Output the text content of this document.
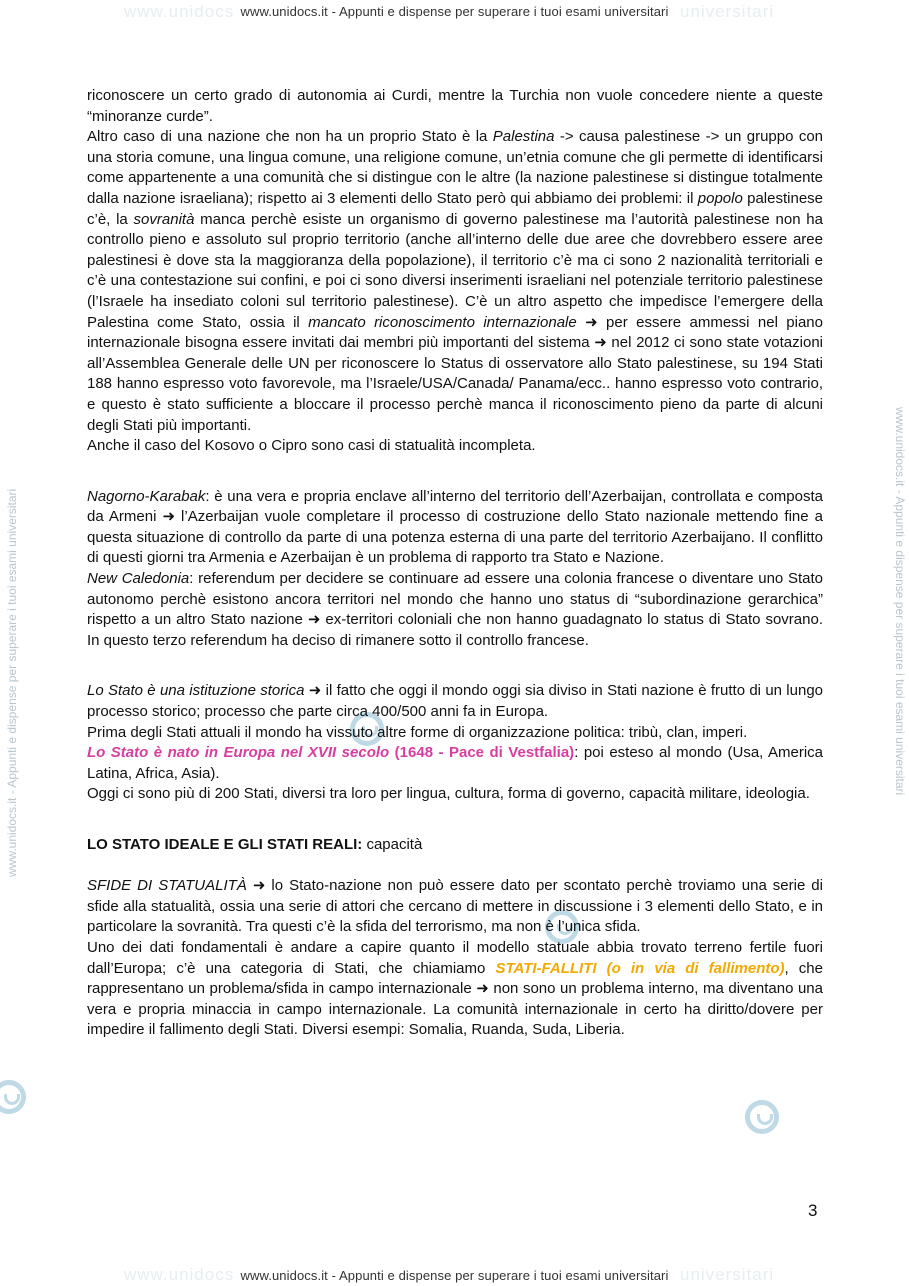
www.unidocs	universitari
www.unidocs	universitari
www.unidocs.it - Appunti e dispense per superare i tuoi esami universitari
www.unidocs.it - Appunti e dispense per superare i tuoi esami universitari
www.unidocs.it - Appunti e dispense per superare i tuoi esami universitari	www.unidocs.it - Appunti e dispense per superare i tuoi esami universitari

riconoscere un certo grado di autonomia ai Curdi, mentre la Turchia non vuole concedere niente a queste “minoranze curde”.

Altro caso di una nazione che non ha un proprio Stato è la Palestina -> causa palestinese -> un gruppo con una storia comune, una lingua comune, una religione comune, un’etnia comune che gli permette di identificarsi come appartenente a una comunità che si distingue con le altre (la nazione palestinese si distingue totalmente dalla nazione israeliana); rispetto ai 3 elementi dello Stato però qui abbiamo dei problemi: il popolo palestinese c’è, la sovranità manca perchè esiste un organismo di governo palestinese ma l’autorità palestinese non ha controllo pieno e assoluto sul proprio territorio (anche all’interno delle due aree che dovrebbero essere aree palestinesi è dove sta la maggioranza della popolazione), il territorio c’è ma ci sono 2 nazionalità territoriali e c’è una contestazione sui confini, e poi ci sono diversi inserimenti israeliani nel potenziale territorio palestinese (l’Israele ha insediato coloni sul territorio palestinese). C’è un altro aspetto che impedisce l’emergere della Palestina come Stato, ossia il mancato riconoscimento internazionale ➜ per essere ammessi nel piano internazionale bisogna essere invitati dai membri più importanti del sistema ➜ nel 2012 ci sono state votazioni all’Assemblea Generale delle UN per riconoscere lo Status di osservatore allo Stato palestinese, su 194 Stati 188 hanno espresso voto favorevole, ma l’Israele/USA/Canada/ Panama/ecc.. hanno espresso voto contrario, e questo è stato sufficiente a bloccare il processo perchè manca il riconoscimento pieno da parte di alcuni degli Stati più importanti.

Anche il caso del Kosovo o Cipro sono casi di statualità incompleta.

Nagorno-Karabak: è una vera e propria enclave all’interno del territorio dell’Azerbaijan, controllata e composta da Armeni ➜ l’Azerbaijan vuole completare il processo di costruzione dello Stato nazionale mettendo fine a questa situazione di controllo da parte di una potenza esterna di una parte del territorio Azerbaijano. Il conflitto di questi giorni tra Armenia e Azerbaijan è un problema di rapporto tra Stato e Nazione.

New Caledonia: referendum per decidere se continuare ad essere una colonia francese o diventare uno Stato autonomo perchè esistono ancora territori nel mondo che hanno uno status di “subordinazione gerarchica” rispetto a un altro Stato nazione ➜ ex-territori coloniali che non hanno guadagnato lo status di Stato sovrano. In questo terzo referendum ha deciso di rimanere sotto il controllo francese.

Lo Stato è una istituzione storica ➜ il fatto che oggi il mondo oggi sia diviso in Stati nazione è frutto di un lungo processo storico; processo che parte circa 400/500 anni fa in Europa.

Prima degli Stati attuali il mondo ha vissuto altre forme di organizzazione politica: tribù, clan, imperi.

Lo Stato è nato in Europa nel XVII secolo (1648 - Pace di Vestfalia): poi esteso al mondo (Usa, America Latina, Africa, Asia).

Oggi ci sono più di 200 Stati, diversi tra loro per lingua, cultura, forma di governo, capacità militare, ideologia.

LO STATO IDEALE E GLI STATI REALI: capacità

SFIDE DI STATUALITÀ ➜ lo Stato-nazione non può essere dato per scontato perchè troviamo una serie di sfide alla statualità, ossia una serie di attori che cercano di mettere in discussione i 3 elementi dello Stato, e in particolare la sovranità. Tra questi c’è la sfida del terrorismo, ma non è l’unica sfida.

Uno dei dati fondamentali è andare a capire quanto il modello statuale abbia trovato terreno fertile fuori dall’Europa; c’è una categoria di Stati, che chiamiamo STATI-FALLITI (o in via di fallimento), che rappresentano un problema/sfida in campo internazionale ➜ non sono un problema interno, ma diventano una vera e propria minaccia in campo internazionale. La comunità internazionale in certo ha diritto/dovere per impedire il fallimento degli Stati. Diversi esempi: Somalia, Ruanda, Suda, Liberia.

3
